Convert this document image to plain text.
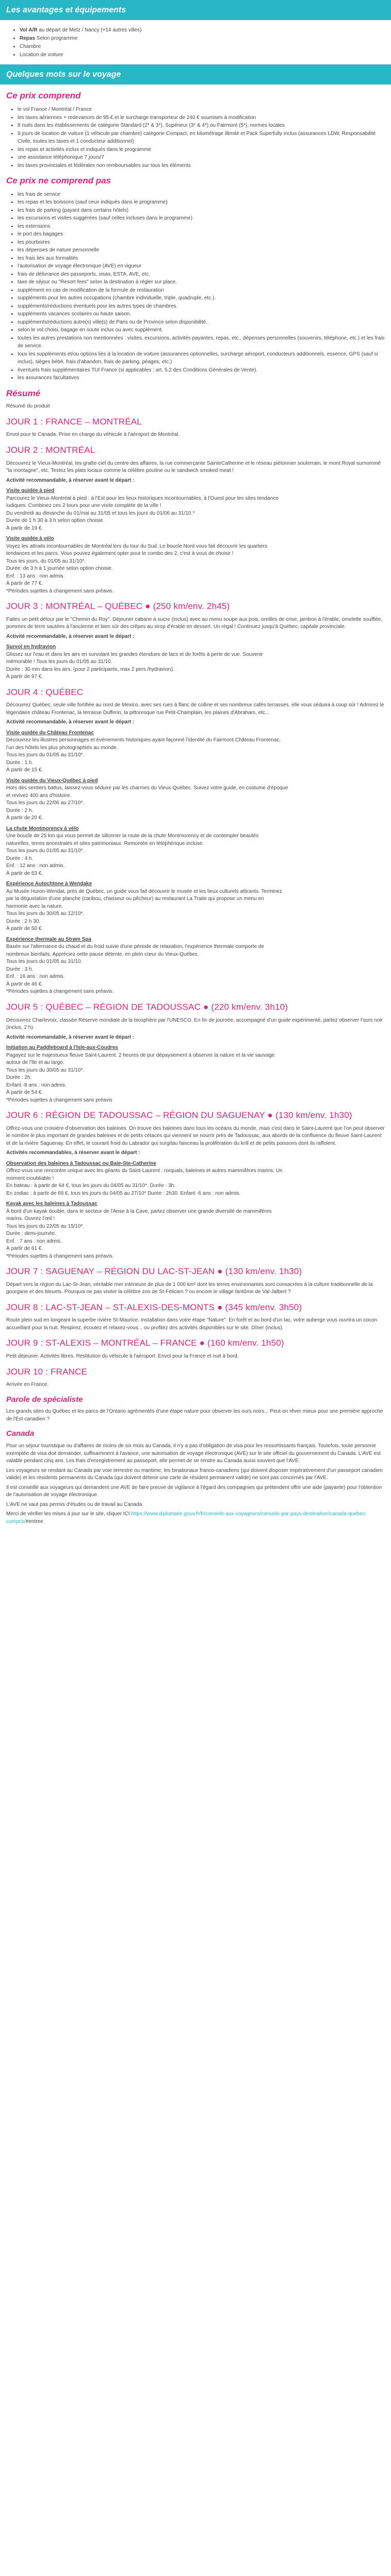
Les avantages et équipements
• Vol A/R au départ de Metz / Nancy (+14 autres villes)
• Repas Selon programme
• Chambre
• Location de voiture
Quelques mots sur le voyage
Ce prix comprend
• le vol France / Montréal / France
• les taxes aériennes + redevances de 95 € et le surcharge transporteur de 240 € soumises à modification
• 8 nuits dans les établissements de catégorie Standard (2* & 3*), Supérieur (3* & 4*) ou Fairmont (5*), normes locales
• 9 jours de location de voiture (1 véhicule par chambre) catégorie Compact, en kilométrage illimité et Pack Superfully inclus (assurances LDW, Responsabilité Civile, toutes les taxes et 1 conducteur additionnel)
• les repas et activités inclus et indiqués dans le programme
• une assistance téléphonique 7 jours/7
• les taxes provinciales et fédérales non remboursables sur tous les éléments
Ce prix ne comprend pas
• les frais de service
• les repas et les boissons (sauf ceux indiqués dans le programme)
• les frais de parking (payant dans certains hôtels)
• les excursions et visites suggérées (sauf celles incluses dans le programme)
• les extensions
• le port des bagages
• les pourboires
• les dépenses de nature personnelle
• les frais liés aux formalités
• l'autorisation de voyage électronique (AVE) en vigueur
• frais de délivrance des passeports, visas, ESTA, AVE, etc.
• taxe de séjour ou "Resort fees" selon la destination à régler sur place.
• supplément en cas de modification de la formule de restauration
• suppléments pour les autres occupations (chambre individuelle, triple, quadruple, etc.).
• suppléments/réductions éventuels pour les autres types de chambres.
• suppléments vacances scolaires ou haute saison.
• suppléments/réductions autre(s) ville(s) de Paris ou de Province selon disponibilité.
• selon le vol choisi, bagage en soute inclus ou avec supplément.
• toutes les autres prestations non mentionnées : visites, excursions, activités payantes, repas, etc., dépenses personnelles (souvenirs, téléphone, etc.) et les frais de service.
• tous les suppléments et/ou options liés à la location de voiture (assurances optionnelles, surcharge aéroport, conducteurs additionnels, essence, GPS (sauf si inclus), sièges bébé, frais d'abandon, frais de parking, péages, etc.)
• éventuels frais supplémentaires TUI France (si applicables : art. 5.2 des Conditions Générales de Vente).
• les assurances facultatives
Résumé

Résumé du produit

JOUR 1 : FRANCE – MONTRÉAL

Envol pour le Canada. Prise en charge du véhicule à l'aéroport de Montréal.

JOUR 2 : MONTRÉAL

Découvrez le Vieux-Montréal, les gratte-ciel du centre des affaires, la rue commerçante SainteCatherine et le réseau piétonnier souterrain, le mont Royal surnommé "la montagne", etc. Testez les plats locaux comme la célèbre poutine ou le sandwich smoked meat !

Activité recommandable, à réserver avant le départ :

Visite guidée à pied
Parcourez le Vieux-Montréal à pied : à l'Est pour les lieux historiques incontournables, à l'Ouest pour les sites tendance
ludiques. Combinez ces 2 tours pour une visite complète de la ville !
Du vendredi au dimanche du 01/mai au 31/05 et tous les jours du 01/06 au 31/10.*
Durée de 1 h 30 à 3 h selon option choisie.
À partir de 19 €.
Visite guidée à vélo
Voyez les attraits incontournables de Montréal lors du tour du Sud. Le boucle Nord vous fait découvrir les quartiers
tendances et les parcs. Vous pouvez également opter pour le combo des 2, c'est à vous de choisir !
Tous les jours, du 01/05 au 31/10*.
Durée: de 3 h à 1 journée selon option choisie.
Enf. : 13 ans : non admis.
À partir de 77 €.

*Périodes sujettes à changement sans préavis.

JOUR 3 : MONTRÉAL – QUÉBEC ● (250 km/env. 2h45)

Faites un petit détour par le "Chemin du Roy". Déjeuner cabane à sucre (inclus) avec au menu soupe aux pois, oreilles de crise, jambon à l'érable, omelette soufflée, pommes de terre sautées à l'ancienne et bien sûr des crêpes au sirop d'érable en dessert. Un régal ! Continuez jusqu'à Québec, capitale provinciale.

Activité recommandable, à réserver avant le départ :

Survol en hydravion
Glissez sur l'eau et dans les airs en survolant les grandes étendues de lacs et de forêts à perte de vue. Souvenir
mémorable ! Tous les jours du 01/05 au 31/10.
Durée : 30 min dans les airs. (pour 2 participants, max 2 pers./hydravion).
À partir de 97 €.
JOUR 4 : QUÉBEC

Découvrez Québec, seule ville fortifiée au nord de Mexico, avec ses rues à flanc de colline et ses nombreux cafés terrasses, elle vous séduira à coup sûr ! Admirez le légendaire château Frontenac, la terrasse Dufferin, la pittoresque rue Petit-Champlain, les plaines d'Abraham, etc...

Activité recommandable, à réserver avant le départ :

Visite guidée du Château Frontenac
Découvrez les illustres personnages et événements historiques ayant façonné l'identité du Fairmont Château Frontenac,
l'un des hôtels les plus photographiés au monde.
Tous les jours du 01/05 au 31/10*.
Durée : 1 h.
À partir de 15 €.
Visite guidée du Vieux-Québec à pied
Hors des sentiers battus, laissez-vous séduire par les charmes du Vieux-Québec. Suivez votre guide, en costume d'époque
et revivez 400 ans d'histoire.
Tous les jours du 22/06 au 27/10*.
Durée : 2 h.
À partir de 20 €.
La chute Montmorency à vélo
Une boucle de 25 km qui vous permet de sillonner la route de la chute Montmorency et de contempler beautés
naturelles, terres ancestrales et sites patrimoniaux. Remontée en téléphérique incluse.
Tous les jours du 01/05 au 31/10*.
Durée : 4 h.
Enf. : 12 ans : non admis.
À partir de 63 €.
Expérience Autochtone à Wendake
Au Musée Huron-Wendat, près de Québec, un guide vous fait découvrir le musée et les lieux culturels attirants. Terminez
par la dégustation d'une planche (caribou, chasseur ou pêcheur) au restaurant La Traite qui propose un menu en
harmonie avec la nature.
Tous les jours du 30/05 au 12/10*.
Durée : 2 h 30.
À partir de 50 €.
Expérience thermale au Strøm Spa
Basée sur l'alternance du chaud et du froid suivie d'une période de relaxation, l'expérience thermale comporte de
nombreux bienfaits. Appréciez cette pause détente, en plein cœur du Vieux-Québec.
Tous les jours du 01/05 au 31/10.
Durée : 3 h.
Enf. : 16 ans : non admis.
À partir de 46 €.

*Périodes sujettes à changement sans préavis.

JOUR 5 : QUÉBEC – RÉGION DE TADOUSSAC ● (220 km/env. 3h10)

Découvrez Charlevoix, classée Réserve mondiale de la biosphère par l'UNESCO. En fin de journée, accompagné d'un guide expérimenté, partez observer l'ours noir (inclus, 2 h).

Activité recommandable, à réserver avant le départ :

Initiation au Paddleboard à l'Isle-aux-Coudres
Pagayez sur le majestueux fleuve Saint-Laurent. 2 heures de pur dépaysement à observer la nature et la vie sauvage
autour de l'île et au large.
Tous les jours du 30/05 au 31/10*.
Durée : 2h.
Enfant -8 ans : non admis.
À partir de 54 €.

*Périodes sujettes à changement sans préavis

JOUR 6 : RÉGION DE TADOUSSAC – RÉGION DU SAGUENAY ● (130 km/env. 1h30)

Offrez-vous une croisière d'observation des baleines. On trouve des baleines dans tous les océans du monde, mais c'est dans le Saint-Laurent que l'on peut observer le nombre le plus important de grandes baleines et de petits cétacés qui viennent se nourrir près de Tadoussac, aux abords de la confluence du fleuve Saint-Laurent et de la rivière Saguenay. En effet, le courant froid du Labrador qui surgitau faisceau la prolifération du krill et de petits poissons dont ils raffolent.

Activités recommandables, à réserver avant le départ :

Observation des baleines à Tadoussac ou Baie-Ste-Catherine
Offrez-vous une rencontre unique avec les géants du Saint-Laurent : rorquals, baleines et autres mammifères marins. Un
moment inoubliable !
En bateau : à partir de 64 €, tous les jours du 04/05 au 31/10*. Durée : 3h.
En zodiac : à partir de 69 €, tous les jours du 04/05 au 27/10* Durée : 2h30. Enfant -6 ans : non admis.
Kayak avec les baleines à Tadoussac
À bord d'un kayak double, dans le secteur de l'Anse à la Cave, partez observer une grande diversité de mammifères
marins. Ouvrez l'œil !
Tous les jours du 22/05 au 15/10*.
Durée : demi-journée.
Enf. : 7 ans : non admis.
À partir de 61 €.

*Périodes sujettes à changement sans préavis.

JOUR 7 : SAGUENAY – RÉGION DU LAC-ST-JEAN ● (130 km/env. 1h30)

Départ vers la région du Lac-St-Jean, véritable mer intérieure de plus de 1 000 km² dont les terres environnantes sont consacrées à la culture traditionnelle de la gourgane et des bleuets. Pourquoi ne pas visiter la célèbre zoo de St-Félicien ? ou encore le village fantôme de Val-Jalbert ?

JOUR 8 : LAC-ST-JEAN – ST-ALEXIS-DES-MONTS ● (345 km/env. 3h50)

Route plein sud en longeant la superbe rivière St-Maurice. Installation dans votre étape "Nature". En forêt et au bord d'un lac, votre auberge vous ouvrira un cocon accueillant pour la nuit. Respirez, écoutez et relaxez-vous... ou profitez des activités disponibles sur le site. Dîner (inclus).

JOUR 9 : ST-ALEXIS – MONTRÉAL – FRANCE ● (160 km/env. 1h50)

Petit déjeuner. Activités libres. Restitution du véhicule à l'aéroport. Envol pour la France et nuit à bord.

JOUR 10 : FRANCE

Arrivée en France.

Parole de spécialiste

Les grands sites du Québec et les parcs de l'Ontario agrémentés d'une étape nature pour observer les ours noirs... Peut-on rêver mieux pour une première approche de l'Est canadien ?

Canada

Pour un séjour touristique ou d'affaires de moins de six mois au Canada, il n'y a pas d'obligation de visa pour les ressortissants français. Toutefois, toute personne exemptée de visa doit demander, suffisamment à l'avance, une autorisation de voyage électronique (AVE) sur le site officiel du gouvernement du Canada. L'AVE est valable pendant cinq ans. Les frais d'enregistrement au passeport, elle permet de se rendre au Canada aussi souvent que l'AVE.

Les voyageurs se rendant au Canada par voie terrestre ou maritime, les binationaux franco-canadiens (qui doivent disposer impérativement d'un passeport canadien valide) et les résidents permanents du Canada (qui doivent détenir une carte de résident permanent valide) ne sont pas concernés par l'AVE.

Il est conseillé aux voyageurs qui demandent une AVE de faire preuve de vigilance à l'égard des compagnies qui prétendent offrir une aide (payante) pour l'obtention de l'autorisation de voyage électronique.

L'AVE ne vaut pas permis d'études ou de travail au Canada.

Merci de vérifier les mises à jour sur le site, cliquer ICI https://www.diplomatie.gouv.fr/fr/conseils-aux-voyageurs/conseils-par-pays-destination/canada-quebec-compris/#entree
